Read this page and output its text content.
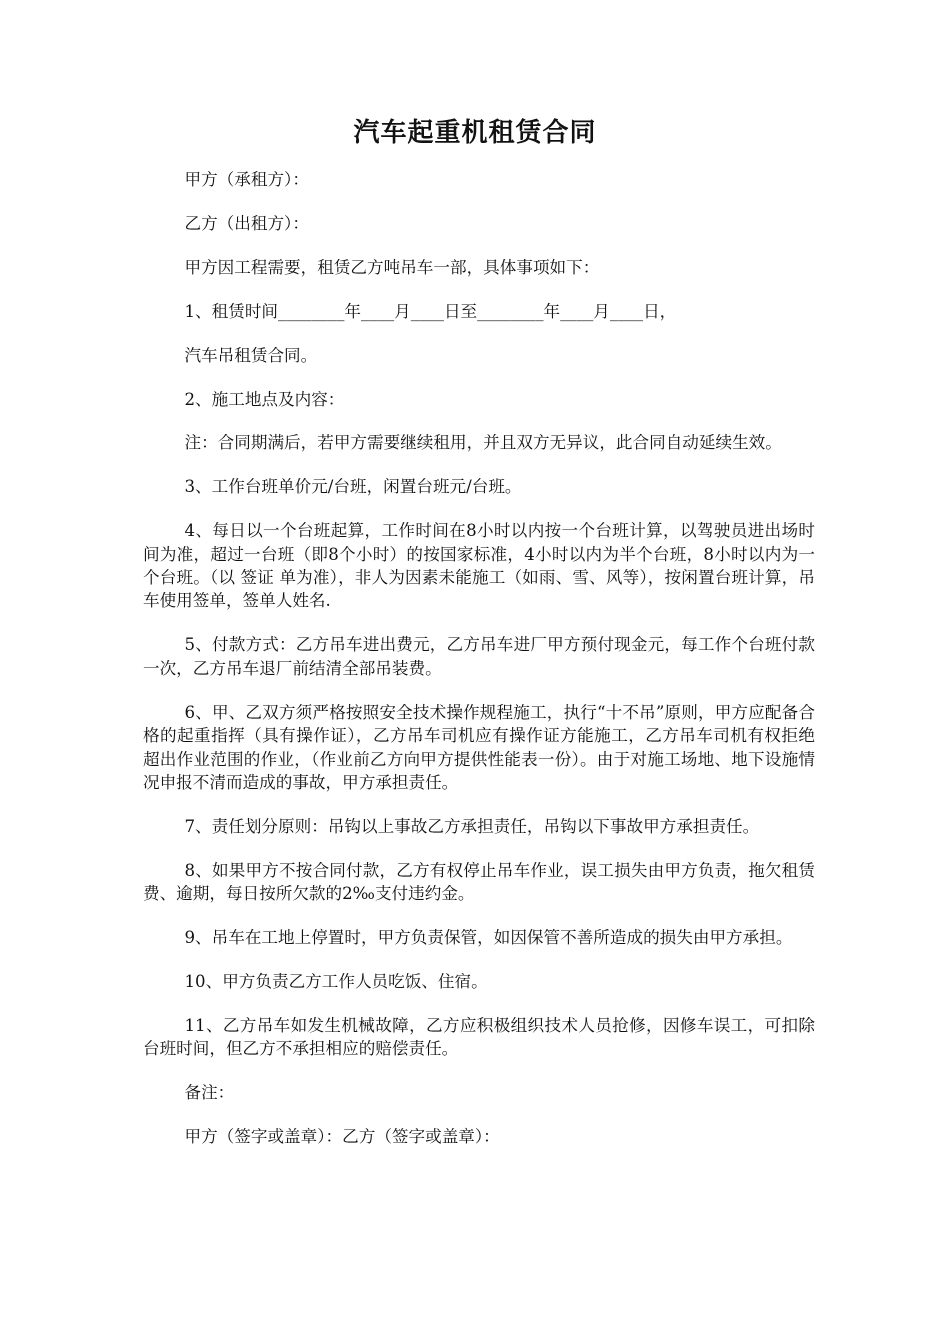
汽车起重机租赁合同

甲方（承租方）：

乙方（出租方）：

甲方因工程需要，租赁乙方吨吊车一部，具体事项如下：

1、租赁时间________年____月____日至________年____月____日，

汽车吊租赁合同。

2、施工地点及内容：

注：合同期满后，若甲方需要继续租用，并且双方无异议，此合同自动延续生效。

3、工作台班单价元/台班，闲置台班元/台班。

4、每日以一个台班起算，工作时间在8小时以内按一个台班计算，以驾驶员进出场时间为准，超过一台班（即8个小时）的按国家标准，4小时以内为半个台班，8小时以内为一个台班。（以 签证 单为准），非人为因素未能施工（如雨、雪、风等），按闲置台班计算，吊车使用签单，签单人姓名.

5、付款方式：乙方吊车进出费元，乙方吊车进厂甲方预付现金元，每工作个台班付款一次，乙方吊车退厂前结清全部吊装费。

6、甲、乙双方须严格按照安全技术操作规程施工，执行“十不吊”原则，甲方应配备合格的起重指挥（具有操作证），乙方吊车司机应有操作证方能施工，乙方吊车司机有权拒绝超出作业范围的作业，（作业前乙方向甲方提供性能表一份）。由于对施工场地、地下设施情况申报不清而造成的事故，甲方承担责任。

7、责任划分原则：吊钩以上事故乙方承担责任，吊钩以下事故甲方承担责任。

8、如果甲方不按合同付款，乙方有权停止吊车作业，误工损失由甲方负责，拖欠租赁费、逾期，每日按所欠款的2‰支付违约金。

9、吊车在工地上停置时，甲方负责保管，如因保管不善所造成的损失由甲方承担。

10、甲方负责乙方工作人员吃饭、住宿。

11、乙方吊车如发生机械故障，乙方应积极组织技术人员抢修，因修车误工，可扣除台班时间，但乙方不承担相应的赔偿责任。

备注：

甲方（签字或盖章）：乙方（签字或盖章）：
